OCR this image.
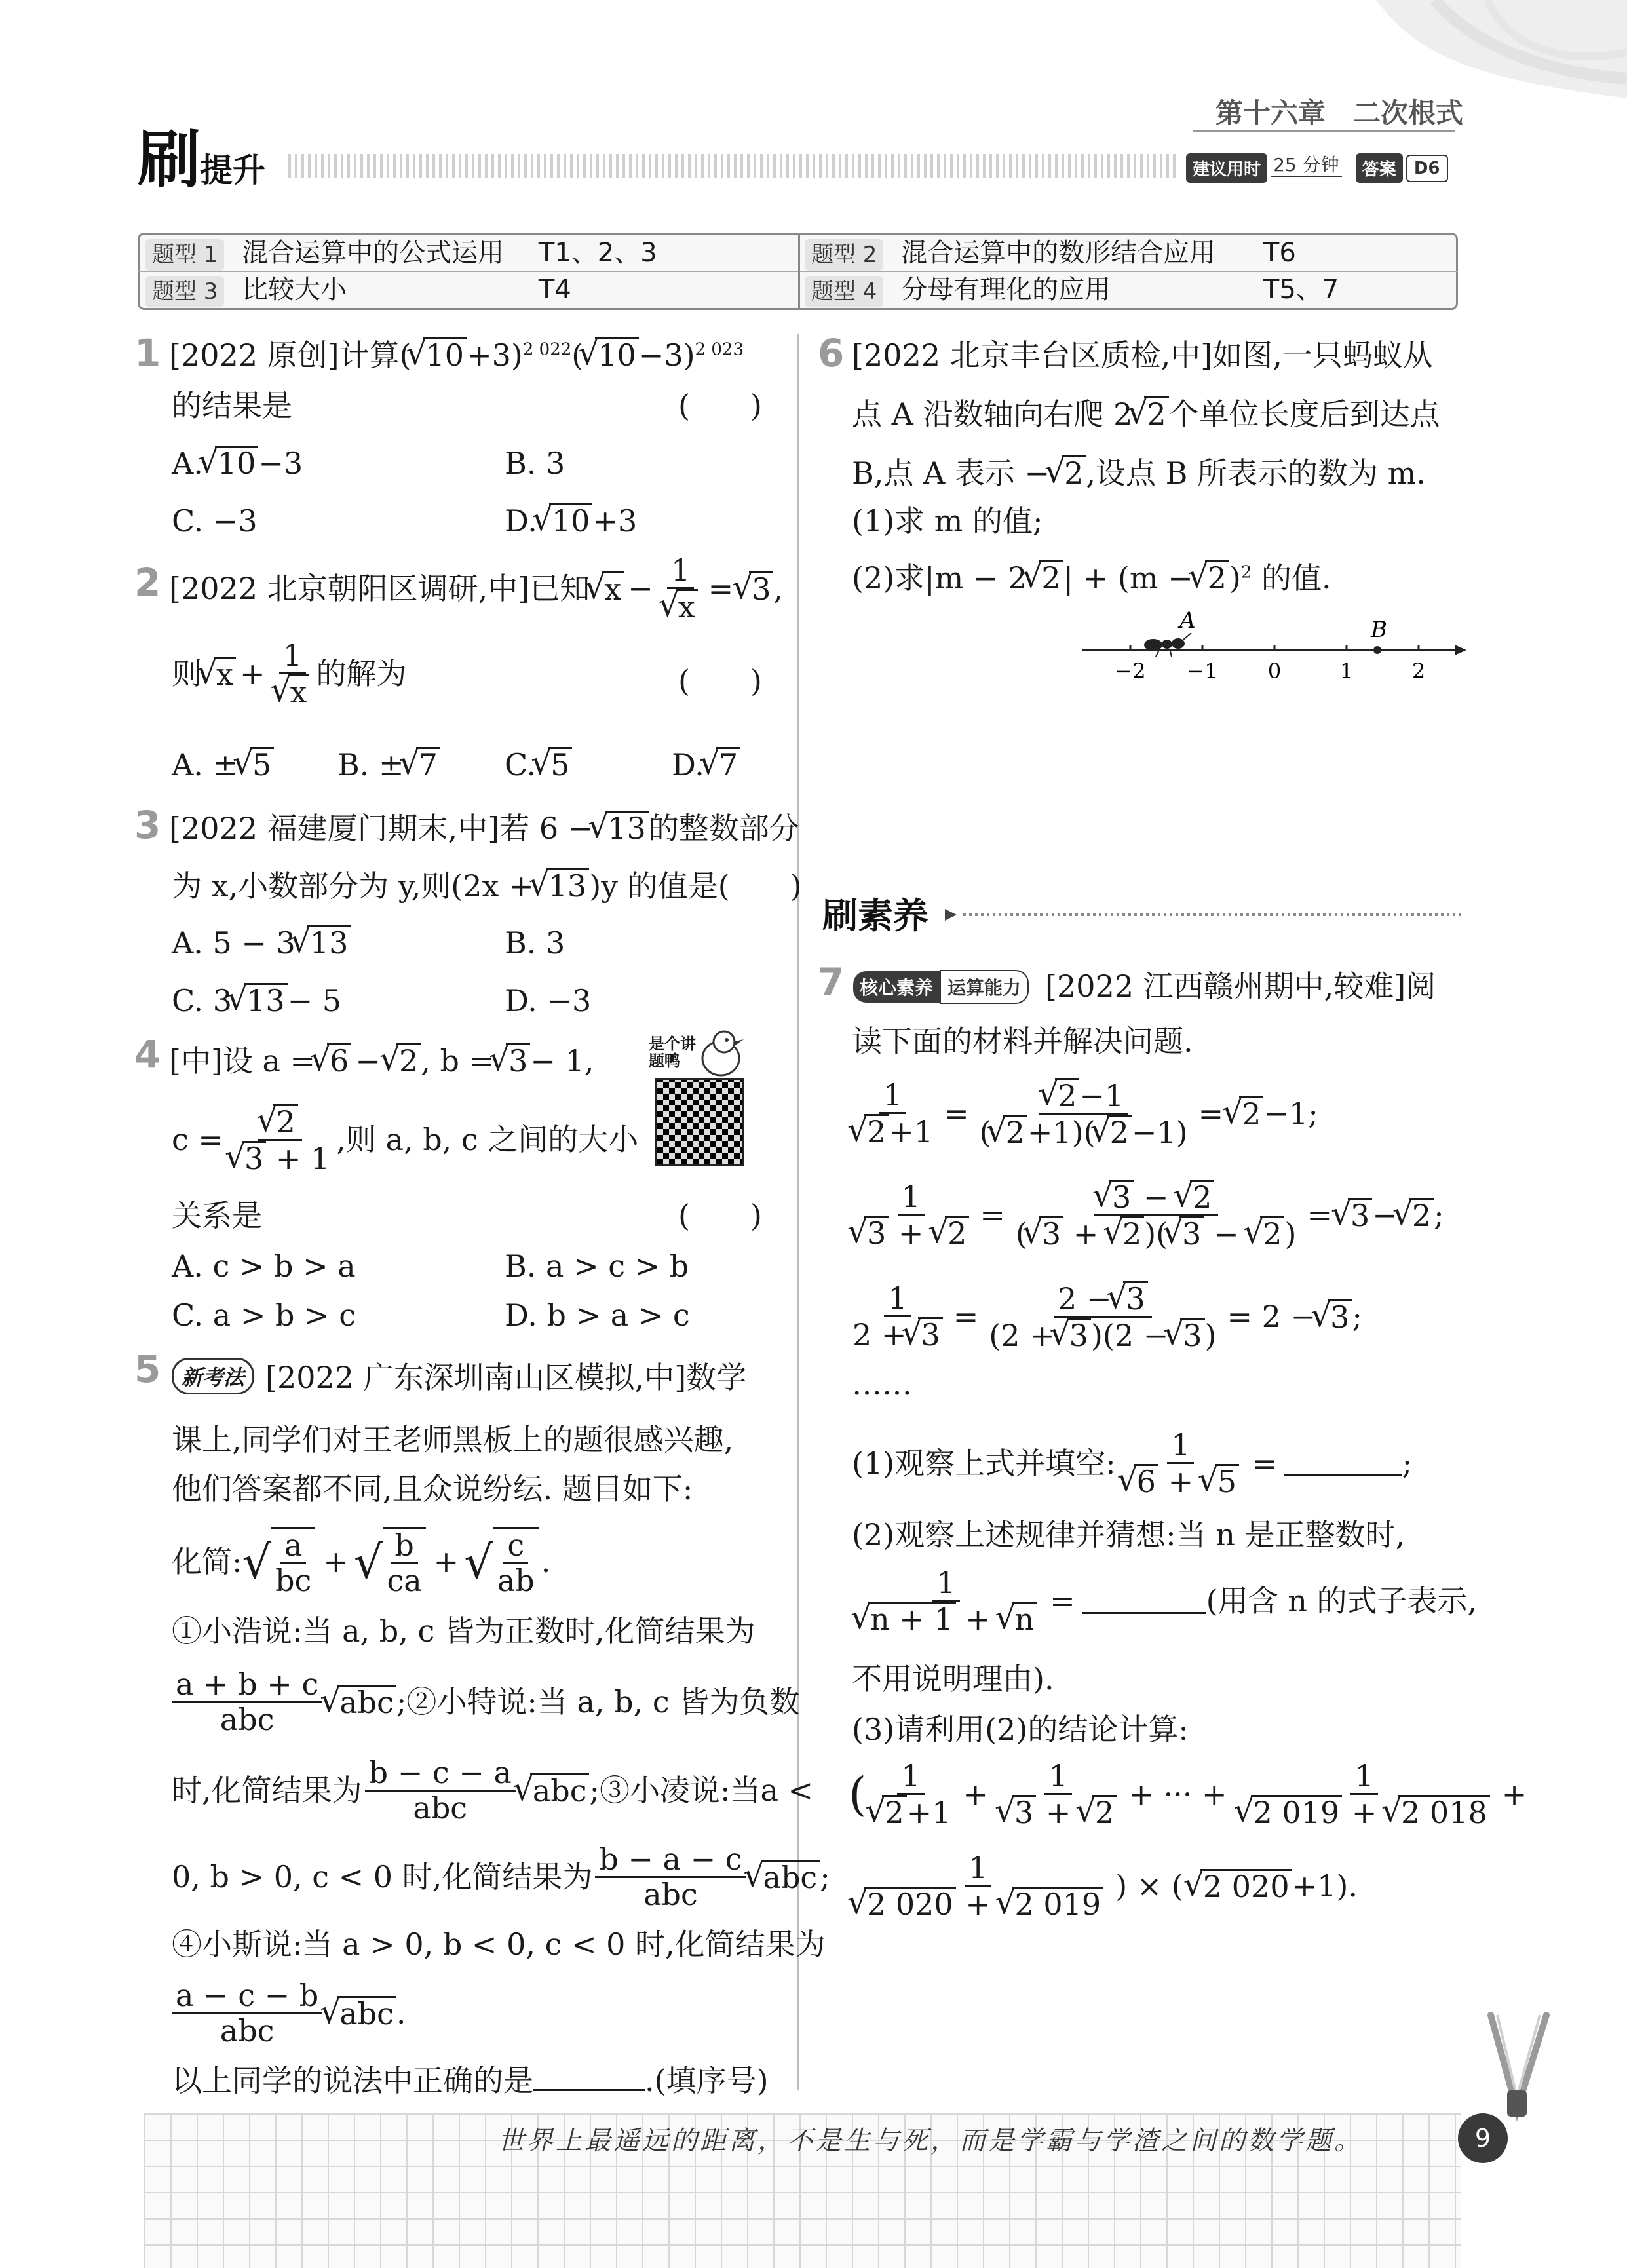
第十六章　二次根式
刷 提升	建议用时 25 分钟 答案 D6
题型 1 混合运算中的公式运用 T1、2、3	题型 2 混合运算中的数形结合应用 T6
题型 3 比较大小	T4	题型 4 分母有理化的应用	T5、7
1 [2022 原创]计算( √ 10+3)$^{2 022}$( √ 10−3)$^{2 023}$
的结果是	(　　)
A. √ 10−3	B. 3
C. −3	D. √ 10+3
2 [2022 北京朝阳区调研,中]已知 √ x − 1
√ x = √ 3 ,
则 √ x + 1
√ x 的解为	(　　)
A. ± √ 5 B. ± √ 7 C. √ 5	D. √ 7
3 [2022 福建厦门期末,中]若 6 − √ 13的整数部分
为 x,小数部分为 y,则(2x + √ 13)y 的值是(　　)
A. 5 − 3 √ 13	B. 3
C. 3 √ 13− 5	D. −3
4 [中]设 a = √ 6 − √ 2, b = √ 3− 1,
c = √ 2
√ 3 + 1 ,则 a, b, c 之间的大小
关系是	(　　)
是个讲题鸭
A. c > b > a	B. a > c > b
C. a > b > c	D. b > a > c
5 新考法 [2022 广东深圳南山区模拟,中]数学
课上,同学们对王老师黑板上的题很感兴趣,
他们答案都不同,且众说纷纭. 题目如下:
化简: √ $\frac{a}{bc}$ + √ $\frac{b}{ca}$ + √ $\frac{c}{ab}$ .
①小浩说:当 a, b, c 皆为正数时,化简结果为
$\frac{a + b + c}{\text{abc}}$ √ abc ;②小特说:当 a, b, c 皆为负数
时,化简结果为 $\frac{b - c - a}{\text{abc}}$ √ abc ;③小凌说:当a <
0, b > 0, c < 0 时,化简结果为 $\frac{b - a - c}{\text{abc}}$ √ abc ;
④小斯说:当 a > 0, b < 0, c < 0 时,化简结果为
$\frac{a - c - b}{\text{abc}}$ √ abc .
以上同学的说法中正确的是	.(填序号)
6 [2022 北京丰台区质检,中]如图,一只蚂蚁从
点 A 沿数轴向右爬 2 √ 2个单位长度后到达点
B,点 A 表示 − √ 2,设点 B 所表示的数为 m.
(1)求 m 的值;
(2)求|m − 2 √ 2| + (m − √ 2)$^2$ 的值.
A	B
−2 −1 0	1	2
刷素养
7 核心素养 运算能力 [2022 江西赣州期中,较难]阅
读下面的材料并解决问题.
1
√ 2+1 = √ $\frac{2-1}{( √ 2+1)( √ 2-1)}$ = √ 2 −1;
1
√ 3 + √ 2 = √ $\frac{3 - √ 2}{( √ 3 + √ 2)( √ 3 - √ 2)}$ = √ 3 − √ 2 ;
$\frac{1}{2 + √ 3} = \frac{2 - √ 3}{(2 + √ 3)(2 - √ 3)} = 2$ − √ 3 ;
……
(1)观察上式并填空: 1
√ 6 + √ 5 =	;
(2)观察上述规律并猜想:当 n 是正整数时,
1
√ n + 1 + √ n =	(用含 n 的式子表示,
不用说明理由).
(3)请利用(2)的结论计算:
( 1
√ 2+1 + 1
√ 3 + √ 2 + ··· + 1
√ 2 019 + √ 2 018 +
1
√ 2 020 + √ 2 019 ) × ( √ 2 020 +1).
世界上最遥远的距离，不是生与死，而是学霸与学渣之间的数学题。	9
